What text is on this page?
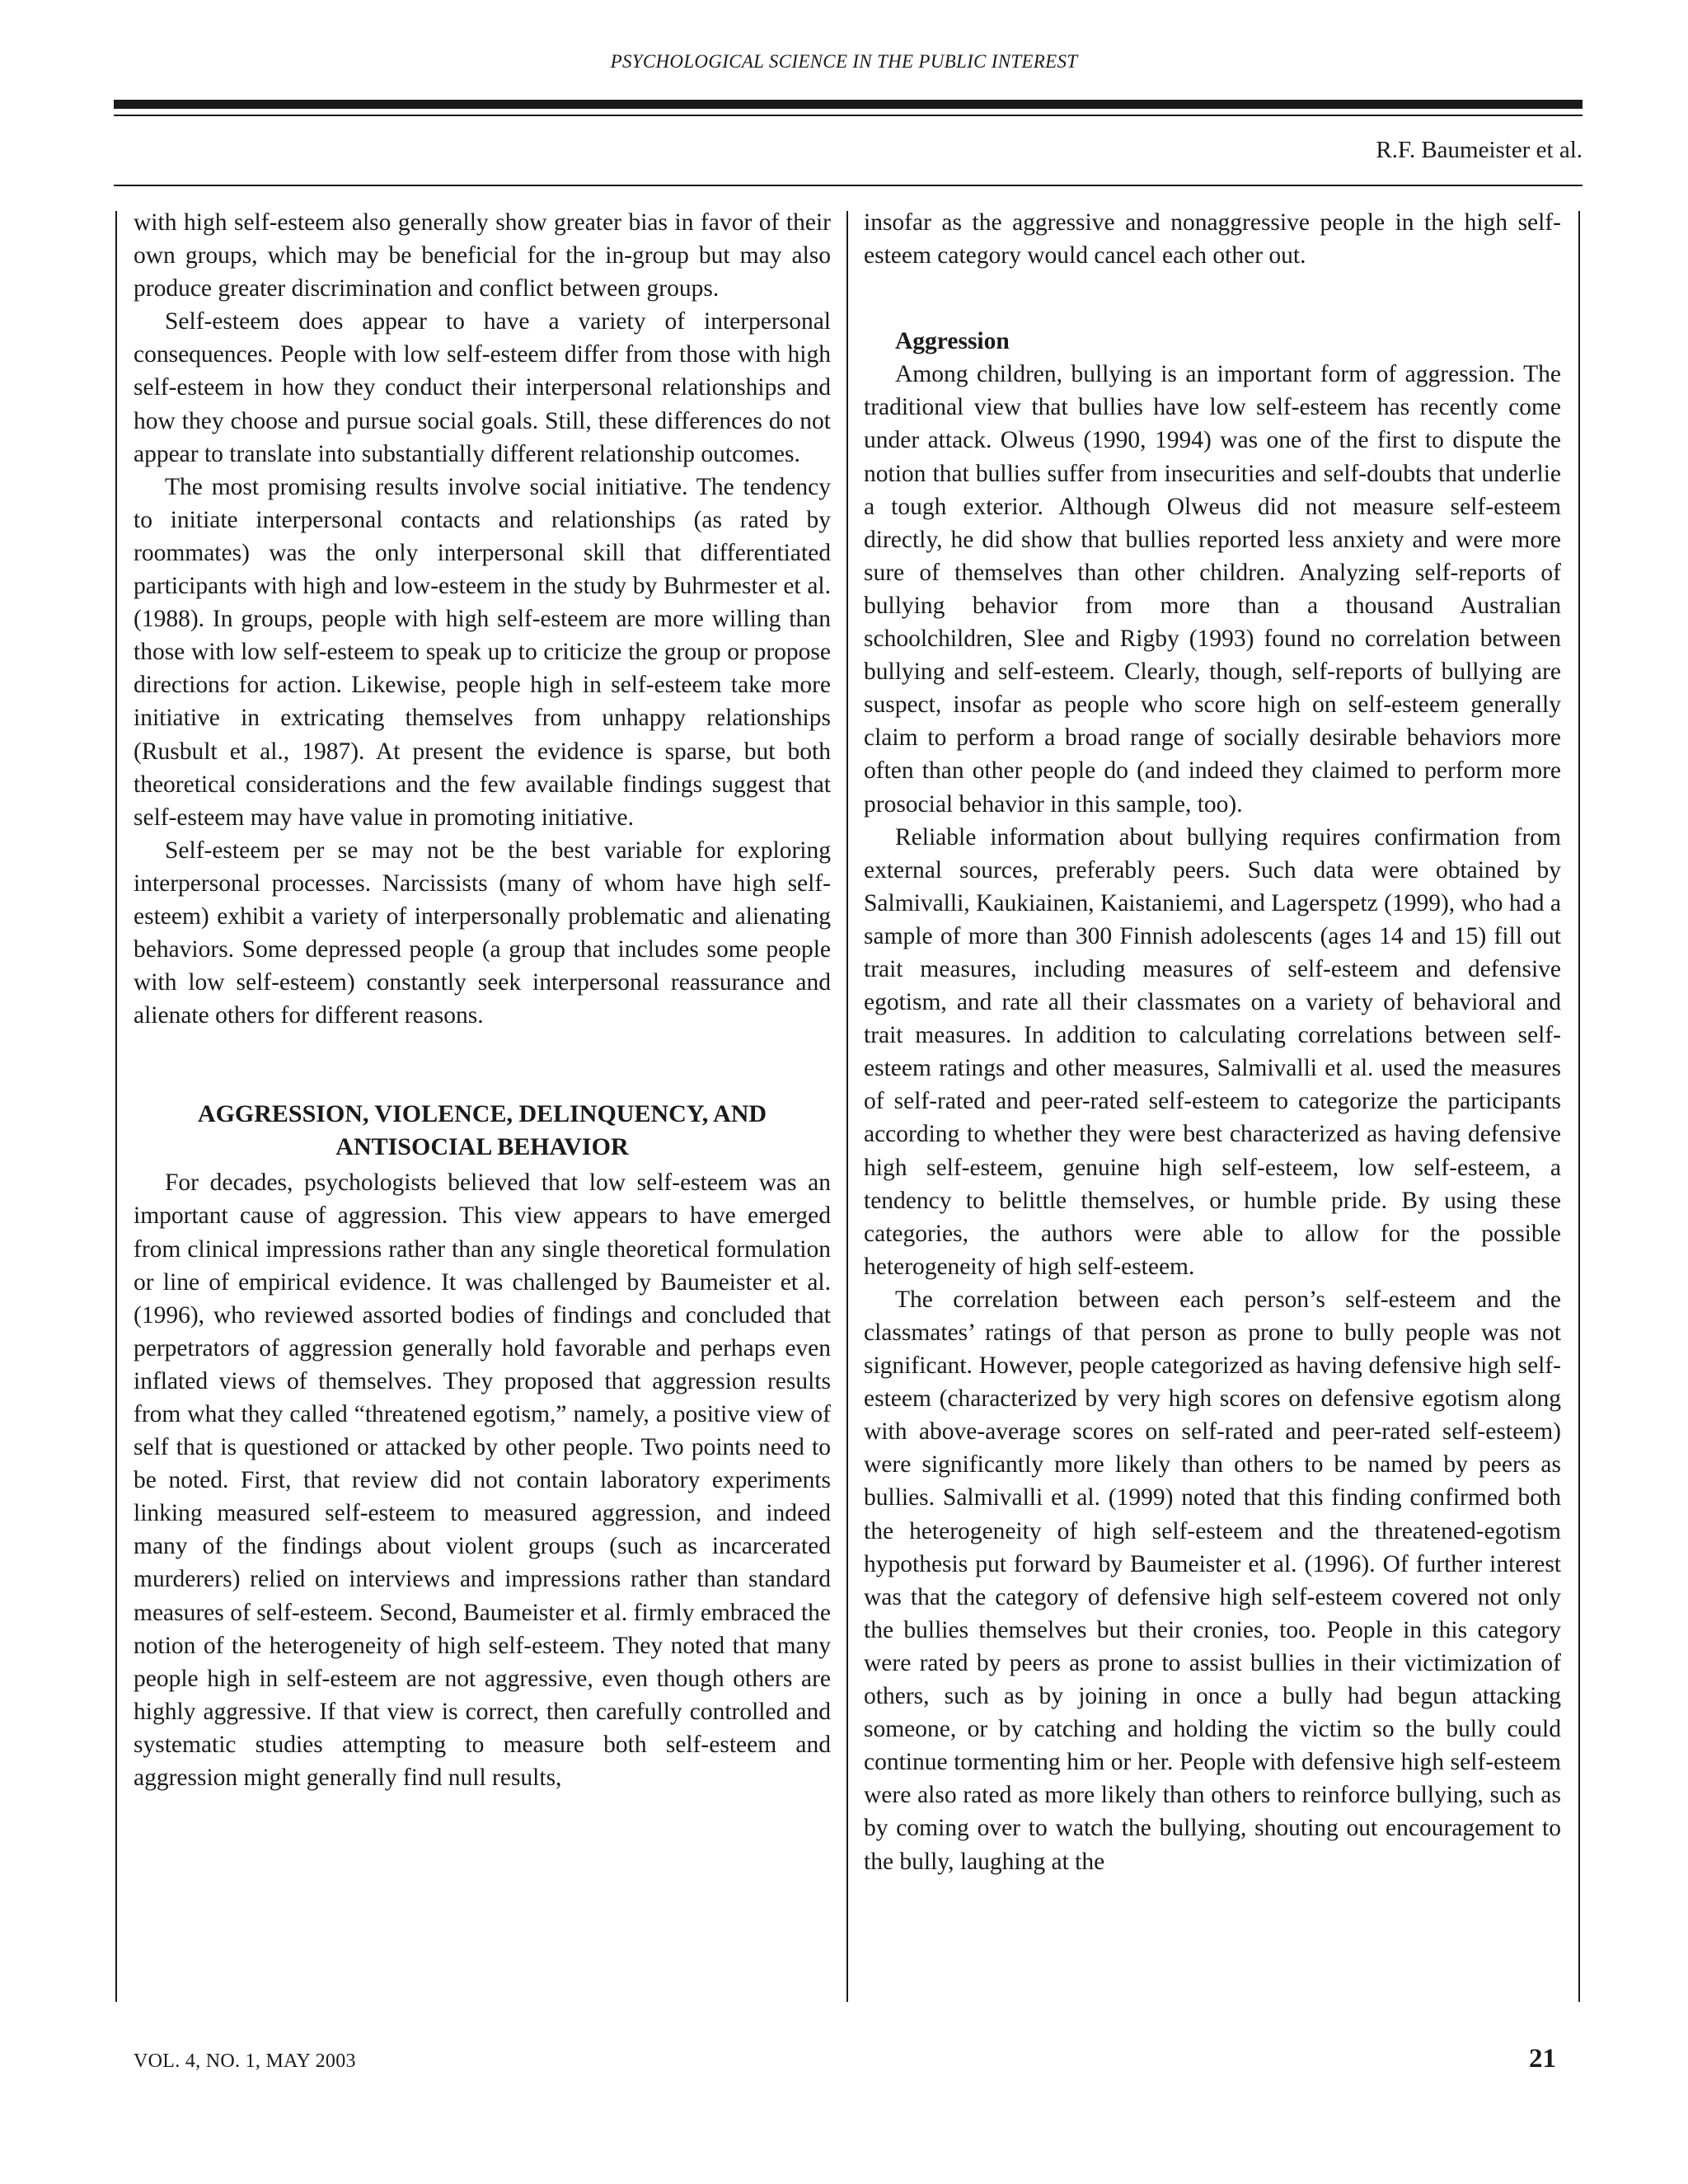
PSYCHOLOGICAL SCIENCE IN THE PUBLIC INTEREST
R.F. Baumeister et al.

with high self-esteem also generally show greater bias in favor of their own groups, which may be beneficial for the in-group but may also produce greater discrimination and conflict between groups.

Self-esteem does appear to have a variety of interpersonal consequences. People with low self-esteem differ from those with high self-esteem in how they conduct their interpersonal relationships and how they choose and pursue social goals. Still, these differences do not appear to translate into substantially different relationship outcomes.

The most promising results involve social initiative. The tendency to initiate interpersonal contacts and relationships (as rated by roommates) was the only interpersonal skill that differentiated participants with high and low-esteem in the study by Buhrmester et al. (1988). In groups, people with high self-esteem are more willing than those with low self-esteem to speak up to criticize the group or propose directions for action. Likewise, people high in self-esteem take more initiative in extricating themselves from unhappy relationships (Rusbult et al., 1987). At present the evidence is sparse, but both theoretical considerations and the few available findings suggest that self-esteem may have value in promoting initiative.

Self-esteem per se may not be the best variable for exploring interpersonal processes. Narcissists (many of whom have high self-esteem) exhibit a variety of interpersonally problematic and alienating behaviors. Some depressed people (a group that includes some people with low self-esteem) constantly seek interpersonal reassurance and alienate others for different reasons.

AGGRESSION, VIOLENCE, DELINQUENCY, AND
ANTISOCIAL BEHAVIOR

For decades, psychologists believed that low self-esteem was an important cause of aggression. This view appears to have emerged from clinical impressions rather than any single theoretical formulation or line of empirical evidence. It was challenged by Baumeister et al. (1996), who reviewed assorted bodies of findings and concluded that perpetrators of aggression generally hold favorable and perhaps even inflated views of themselves. They proposed that aggression results from what they called “threatened egotism,” namely, a positive view of self that is questioned or attacked by other people. Two points need to be noted. First, that review did not contain laboratory experiments linking measured self-esteem to measured aggression, and indeed many of the findings about violent groups (such as incarcerated murderers) relied on interviews and impressions rather than standard measures of self-esteem. Second, Baumeister et al. firmly embraced the notion of the heterogeneity of high self-esteem. They noted that many people high in self-esteem are not aggressive, even though others are highly aggressive. If that view is correct, then carefully controlled and systematic studies attempting to measure both self-esteem and aggression might generally find null results,

insofar as the aggressive and nonaggressive people in the high self-esteem category would cancel each other out.

Aggression

Among children, bullying is an important form of aggression. The traditional view that bullies have low self-esteem has recently come under attack. Olweus (1990, 1994) was one of the first to dispute the notion that bullies suffer from insecurities and self-doubts that underlie a tough exterior. Although Olweus did not measure self-esteem directly, he did show that bullies reported less anxiety and were more sure of themselves than other children. Analyzing self-reports of bullying behavior from more than a thousand Australian schoolchildren, Slee and Rigby (1993) found no correlation between bullying and self-esteem. Clearly, though, self-reports of bullying are suspect, insofar as people who score high on self-esteem generally claim to perform a broad range of socially desirable behaviors more often than other people do (and indeed they claimed to perform more prosocial behavior in this sample, too).

Reliable information about bullying requires confirmation from external sources, preferably peers. Such data were obtained by Salmivalli, Kaukiainen, Kaistaniemi, and Lagerspetz (1999), who had a sample of more than 300 Finnish adolescents (ages 14 and 15) fill out trait measures, including measures of self-esteem and defensive egotism, and rate all their classmates on a variety of behavioral and trait measures. In addition to calculating correlations between self-esteem ratings and other measures, Salmivalli et al. used the measures of self-rated and peer-rated self-esteem to categorize the participants according to whether they were best characterized as having defensive high self-esteem, genuine high self-esteem, low self-esteem, a tendency to belittle themselves, or humble pride. By using these categories, the authors were able to allow for the possible heterogeneity of high self-esteem.

The correlation between each person’s self-esteem and the classmates’ ratings of that person as prone to bully people was not significant. However, people categorized as having defensive high self-esteem (characterized by very high scores on defensive egotism along with above-average scores on self-rated and peer-rated self-esteem) were significantly more likely than others to be named by peers as bullies. Salmivalli et al. (1999) noted that this finding confirmed both the heterogeneity of high self-esteem and the threatened-egotism hypothesis put forward by Baumeister et al. (1996). Of further interest was that the category of defensive high self-esteem covered not only the bullies themselves but their cronies, too. People in this category were rated by peers as prone to assist bullies in their victimization of others, such as by joining in once a bully had begun attacking someone, or by catching and holding the victim so the bully could continue tormenting him or her. People with defensive high self-esteem were also rated as more likely than others to reinforce bullying, such as by coming over to watch the bullying, shouting out encouragement to the bully, laughing at the

VOL. 4, NO. 1, MAY 2003	21
